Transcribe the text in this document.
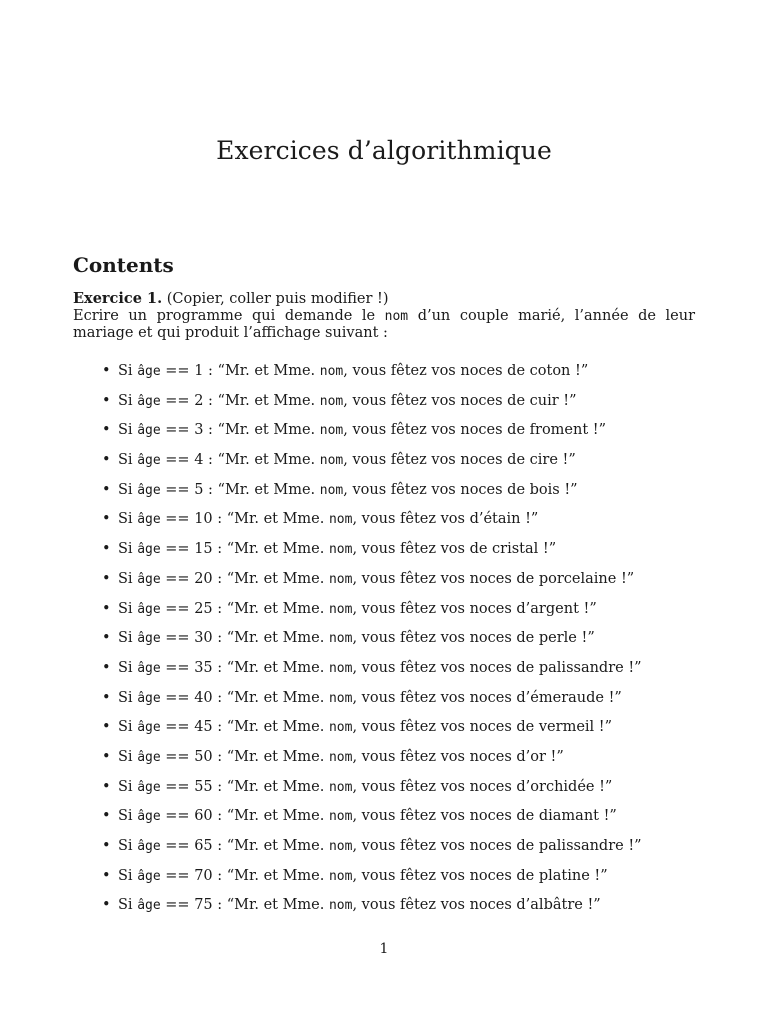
Exercices d’algorithmique
Contents

Exercice 1. (Copier, coller puis modifier !)

Ecrire un programme qui demande le nom d’un couple marié, l’année de leur mariage et qui produit l’affichage suivant :

• Si âge == 1 : “Mr. et Mme. nom, vous fêtez vos noces de coton !”
• Si âge == 2 : “Mr. et Mme. nom, vous fêtez vos noces de cuir !”
• Si âge == 3 : “Mr. et Mme. nom, vous fêtez vos noces de froment !”
• Si âge == 4 : “Mr. et Mme. nom, vous fêtez vos noces de cire !”
• Si âge == 5 : “Mr. et Mme. nom, vous fêtez vos noces de bois !”
• Si âge == 10 : “Mr. et Mme. nom, vous fêtez vos d’étain !”
• Si âge == 15 : “Mr. et Mme. nom, vous fêtez vos de cristal !”
• Si âge == 20 : “Mr. et Mme. nom, vous fêtez vos noces de porcelaine !”
• Si âge == 25 : “Mr. et Mme. nom, vous fêtez vos noces d’argent !”
• Si âge == 30 : “Mr. et Mme. nom, vous fêtez vos noces de perle !”
• Si âge == 35 : “Mr. et Mme. nom, vous fêtez vos noces de palissandre !”
• Si âge == 40 : “Mr. et Mme. nom, vous fêtez vos noces d’émeraude !”
• Si âge == 45 : “Mr. et Mme. nom, vous fêtez vos noces de vermeil !”
• Si âge == 50 : “Mr. et Mme. nom, vous fêtez vos noces d’or !”
• Si âge == 55 : “Mr. et Mme. nom, vous fêtez vos noces d’orchidée !”
• Si âge == 60 : “Mr. et Mme. nom, vous fêtez vos noces de diamant !”
• Si âge == 65 : “Mr. et Mme. nom, vous fêtez vos noces de palissandre !”
• Si âge == 70 : “Mr. et Mme. nom, vous fêtez vos noces de platine !”
• Si âge == 75 : “Mr. et Mme. nom, vous fêtez vos noces d’albâtre !”
1
